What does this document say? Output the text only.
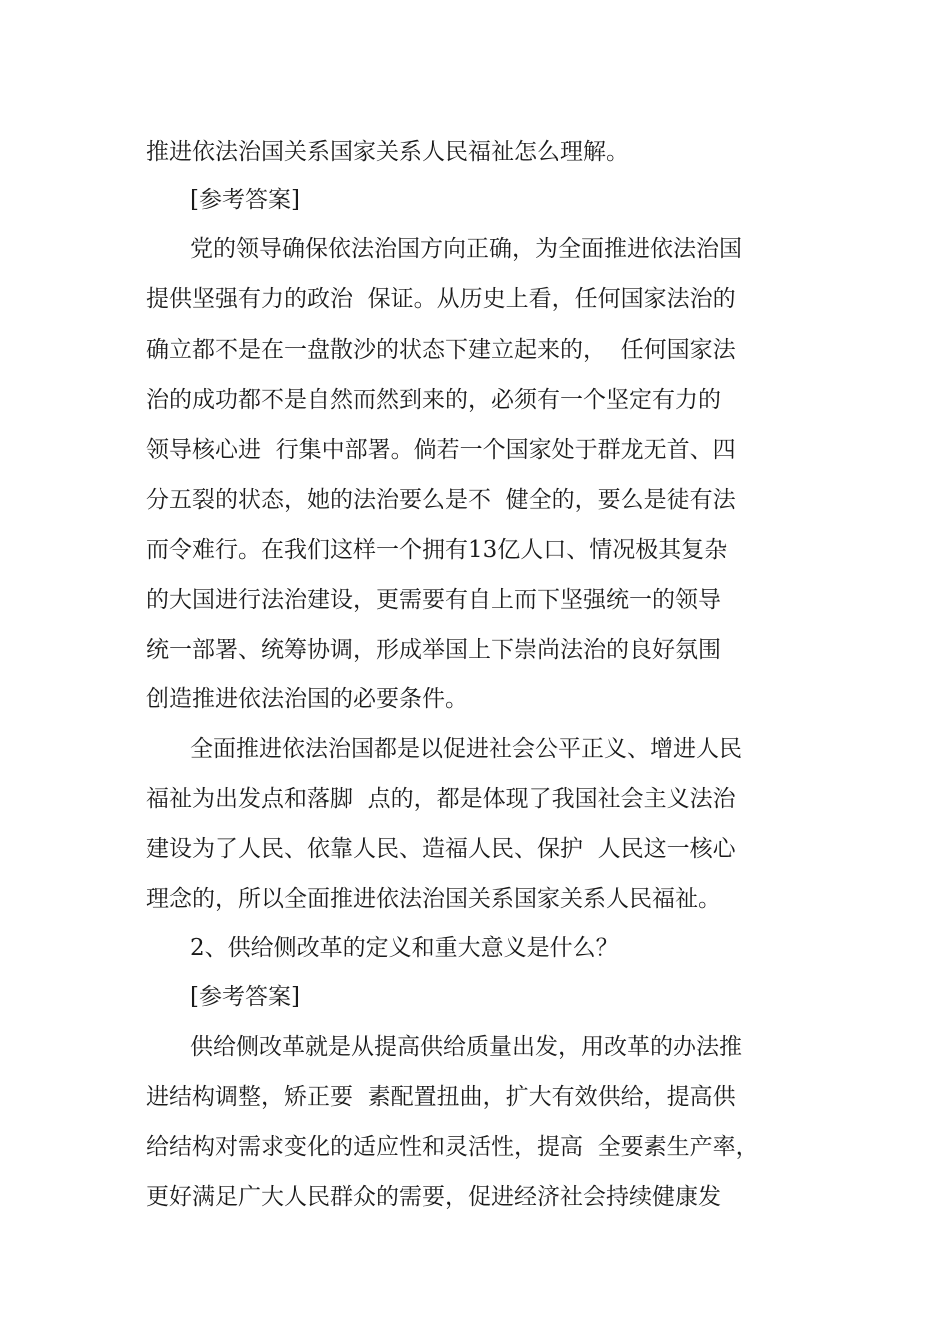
推进依法治国关系国家关系人民福祉怎么理解。
[参考答案]
党的领导确保依法治国方向正确，为全面推进依法治国
提供坚强有力的政治  保证。从历史上看，任何国家法治的
确立都不是在一盘散沙的状态下建立起来的，  任何国家法
治的成功都不是自然而然到来的，必须有一个坚定有力的
领导核心进  行集中部署。倘若一个国家处于群龙无首、四
分五裂的状态，她的法治要么是不  健全的，要么是徒有法
而令难行。在我们这样一个拥有13亿人口、情况极其复杂
的大国进行法治建设，更需要有自上而下坚强统一的领导
统一部署、统筹协调，形成举国上下崇尚法治的良好氛围
创造推进依法治国的必要条件。
全面推进依法治国都是以促进社会公平正义、增进人民
福祉为出发点和落脚  点的，都是体现了我国社会主义法治
建设为了人民、依靠人民、造福人民、保护  人民这一核心
理念的，所以全面推进依法治国关系国家关系人民福祉。
2、供给侧改革的定义和重大意义是什么？
[参考答案]
供给侧改革就是从提高供给质量出发，用改革的办法推
进结构调整，矫正要  素配置扭曲，扩大有效供给，提高供
给结构对需求变化的适应性和灵活性，提高  全要素生产率，
更好满足广大人民群众的需要，促进经济社会持续健康发
